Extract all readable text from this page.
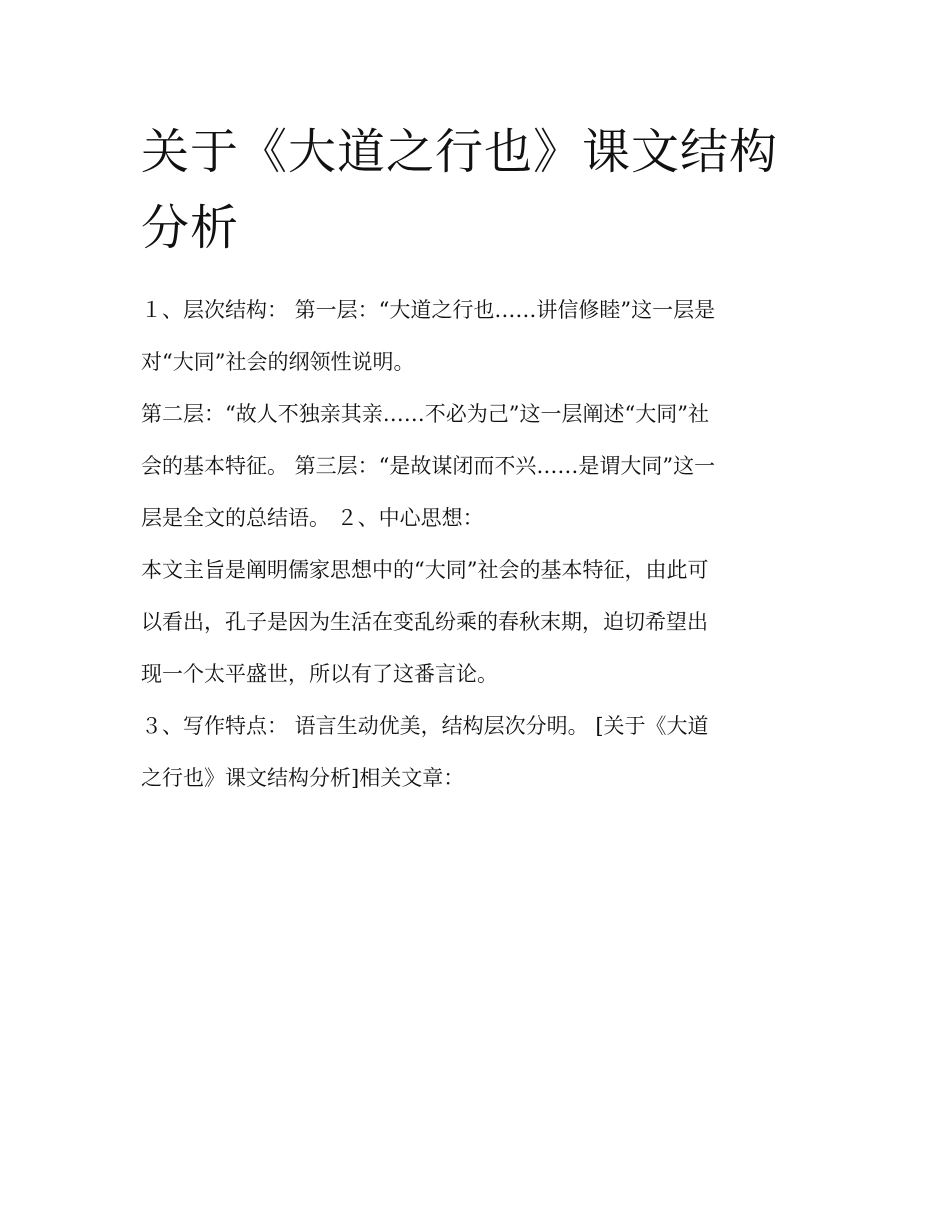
关于《大道之行也》课文结构分析
１、层次结构： 第一层：“大道之行也……讲信修睦”这一层是
对“大同”社会的纲领性说明。
第二层：“故人不独亲其亲……不必为己”这一层阐述“大同”社
会的基本特征。 第三层：“是故谋闭而不兴……是谓大同”这一
层是全文的总结语。 ２、中心思想：
本文主旨是阐明儒家思想中的“大同”社会的基本特征，由此可
以看出，孔子是因为生活在变乱纷乘的春秋末期，迫切希望出
现一个太平盛世，所以有了这番言论。
３、写作特点： 语言生动优美，结构层次分明。 [关于《大道
之行也》课文结构分析]相关文章：
